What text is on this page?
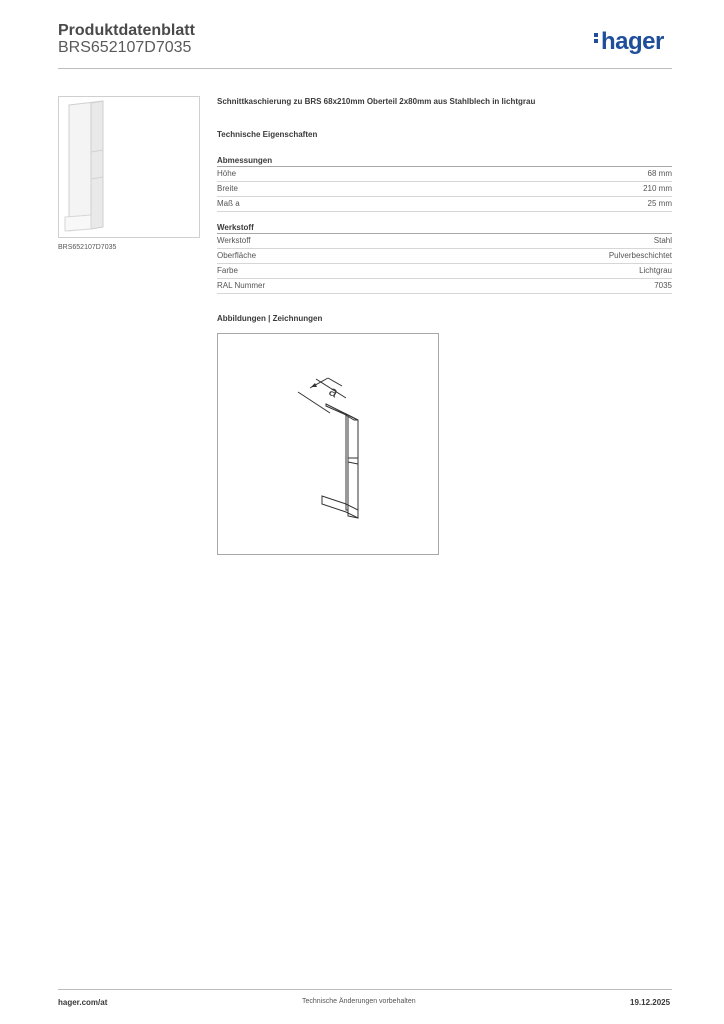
Produktdatenblatt
BRS652107D7035	hager
BRS652107D7035
Schnittkaschierung zu BRS 68x210mm Oberteil 2x80mm aus Stahlblech in lichtgrau
Technische Eigenschaften
Abmessungen
Höhe	68 mm
Breite	210 mm
Maß a	25 mm
Werkstoff
Werkstoff	Stahl
Oberfläche	Pulverbeschichtet
Farbe	Lichtgrau
RAL Nummer	7035
Abbildungen | Zeichnungen
a
hager.com/at	Technische Änderungen vorbehalten	19.12.2025
